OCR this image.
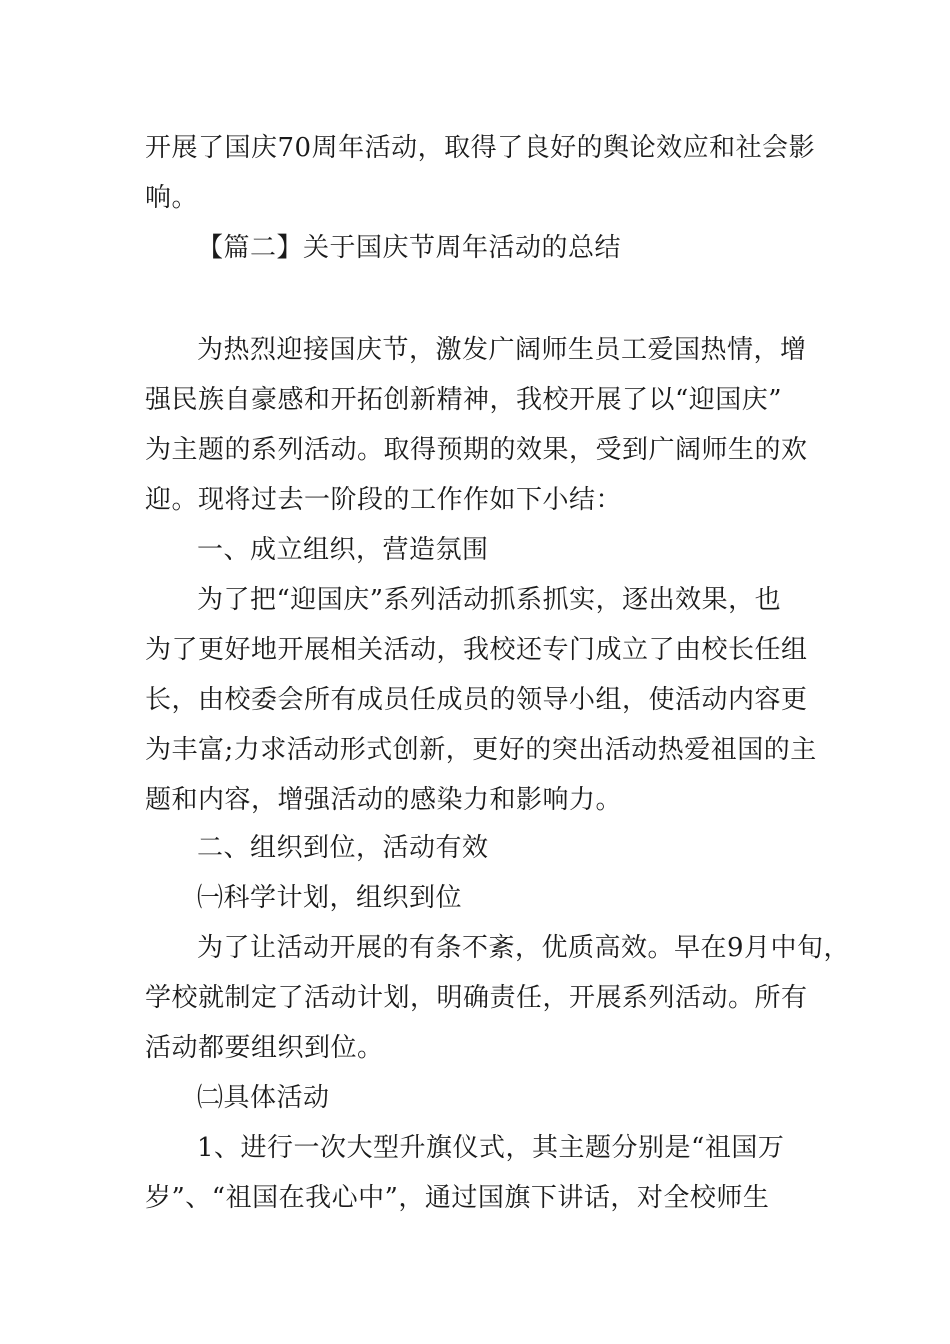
开展了国庆70周年活动，取得了良好的舆论效应和社会影
响。
【篇二】关于国庆节周年活动的总结
为热烈迎接国庆节，激发广阔师生员工爱国热情，增
强民族自豪感和开拓创新精神，我校开展了以“迎国庆”
为主题的系列活动。取得预期的效果，受到广阔师生的欢
迎。现将过去一阶段的工作作如下小结：
一、成立组织，营造氛围
为了把“迎国庆”系列活动抓系抓实，逐出效果，也
为了更好地开展相关活动，我校还专门成立了由校长任组
长，由校委会所有成员任成员的领导小组，使活动内容更
为丰富;力求活动形式创新，更好的突出活动热爱祖国的主
题和内容，增强活动的感染力和影响力。
二、组织到位，活动有效
㈠科学计划，组织到位
为了让活动开展的有条不紊，优质高效。早在9月中旬，
学校就制定了活动计划，明确责任，开展系列活动。所有
活动都要组织到位。
㈡具体活动
1、进行一次大型升旗仪式，其主题分别是“祖国万
岁”、“祖国在我心中”，通过国旗下讲话，对全校师生
